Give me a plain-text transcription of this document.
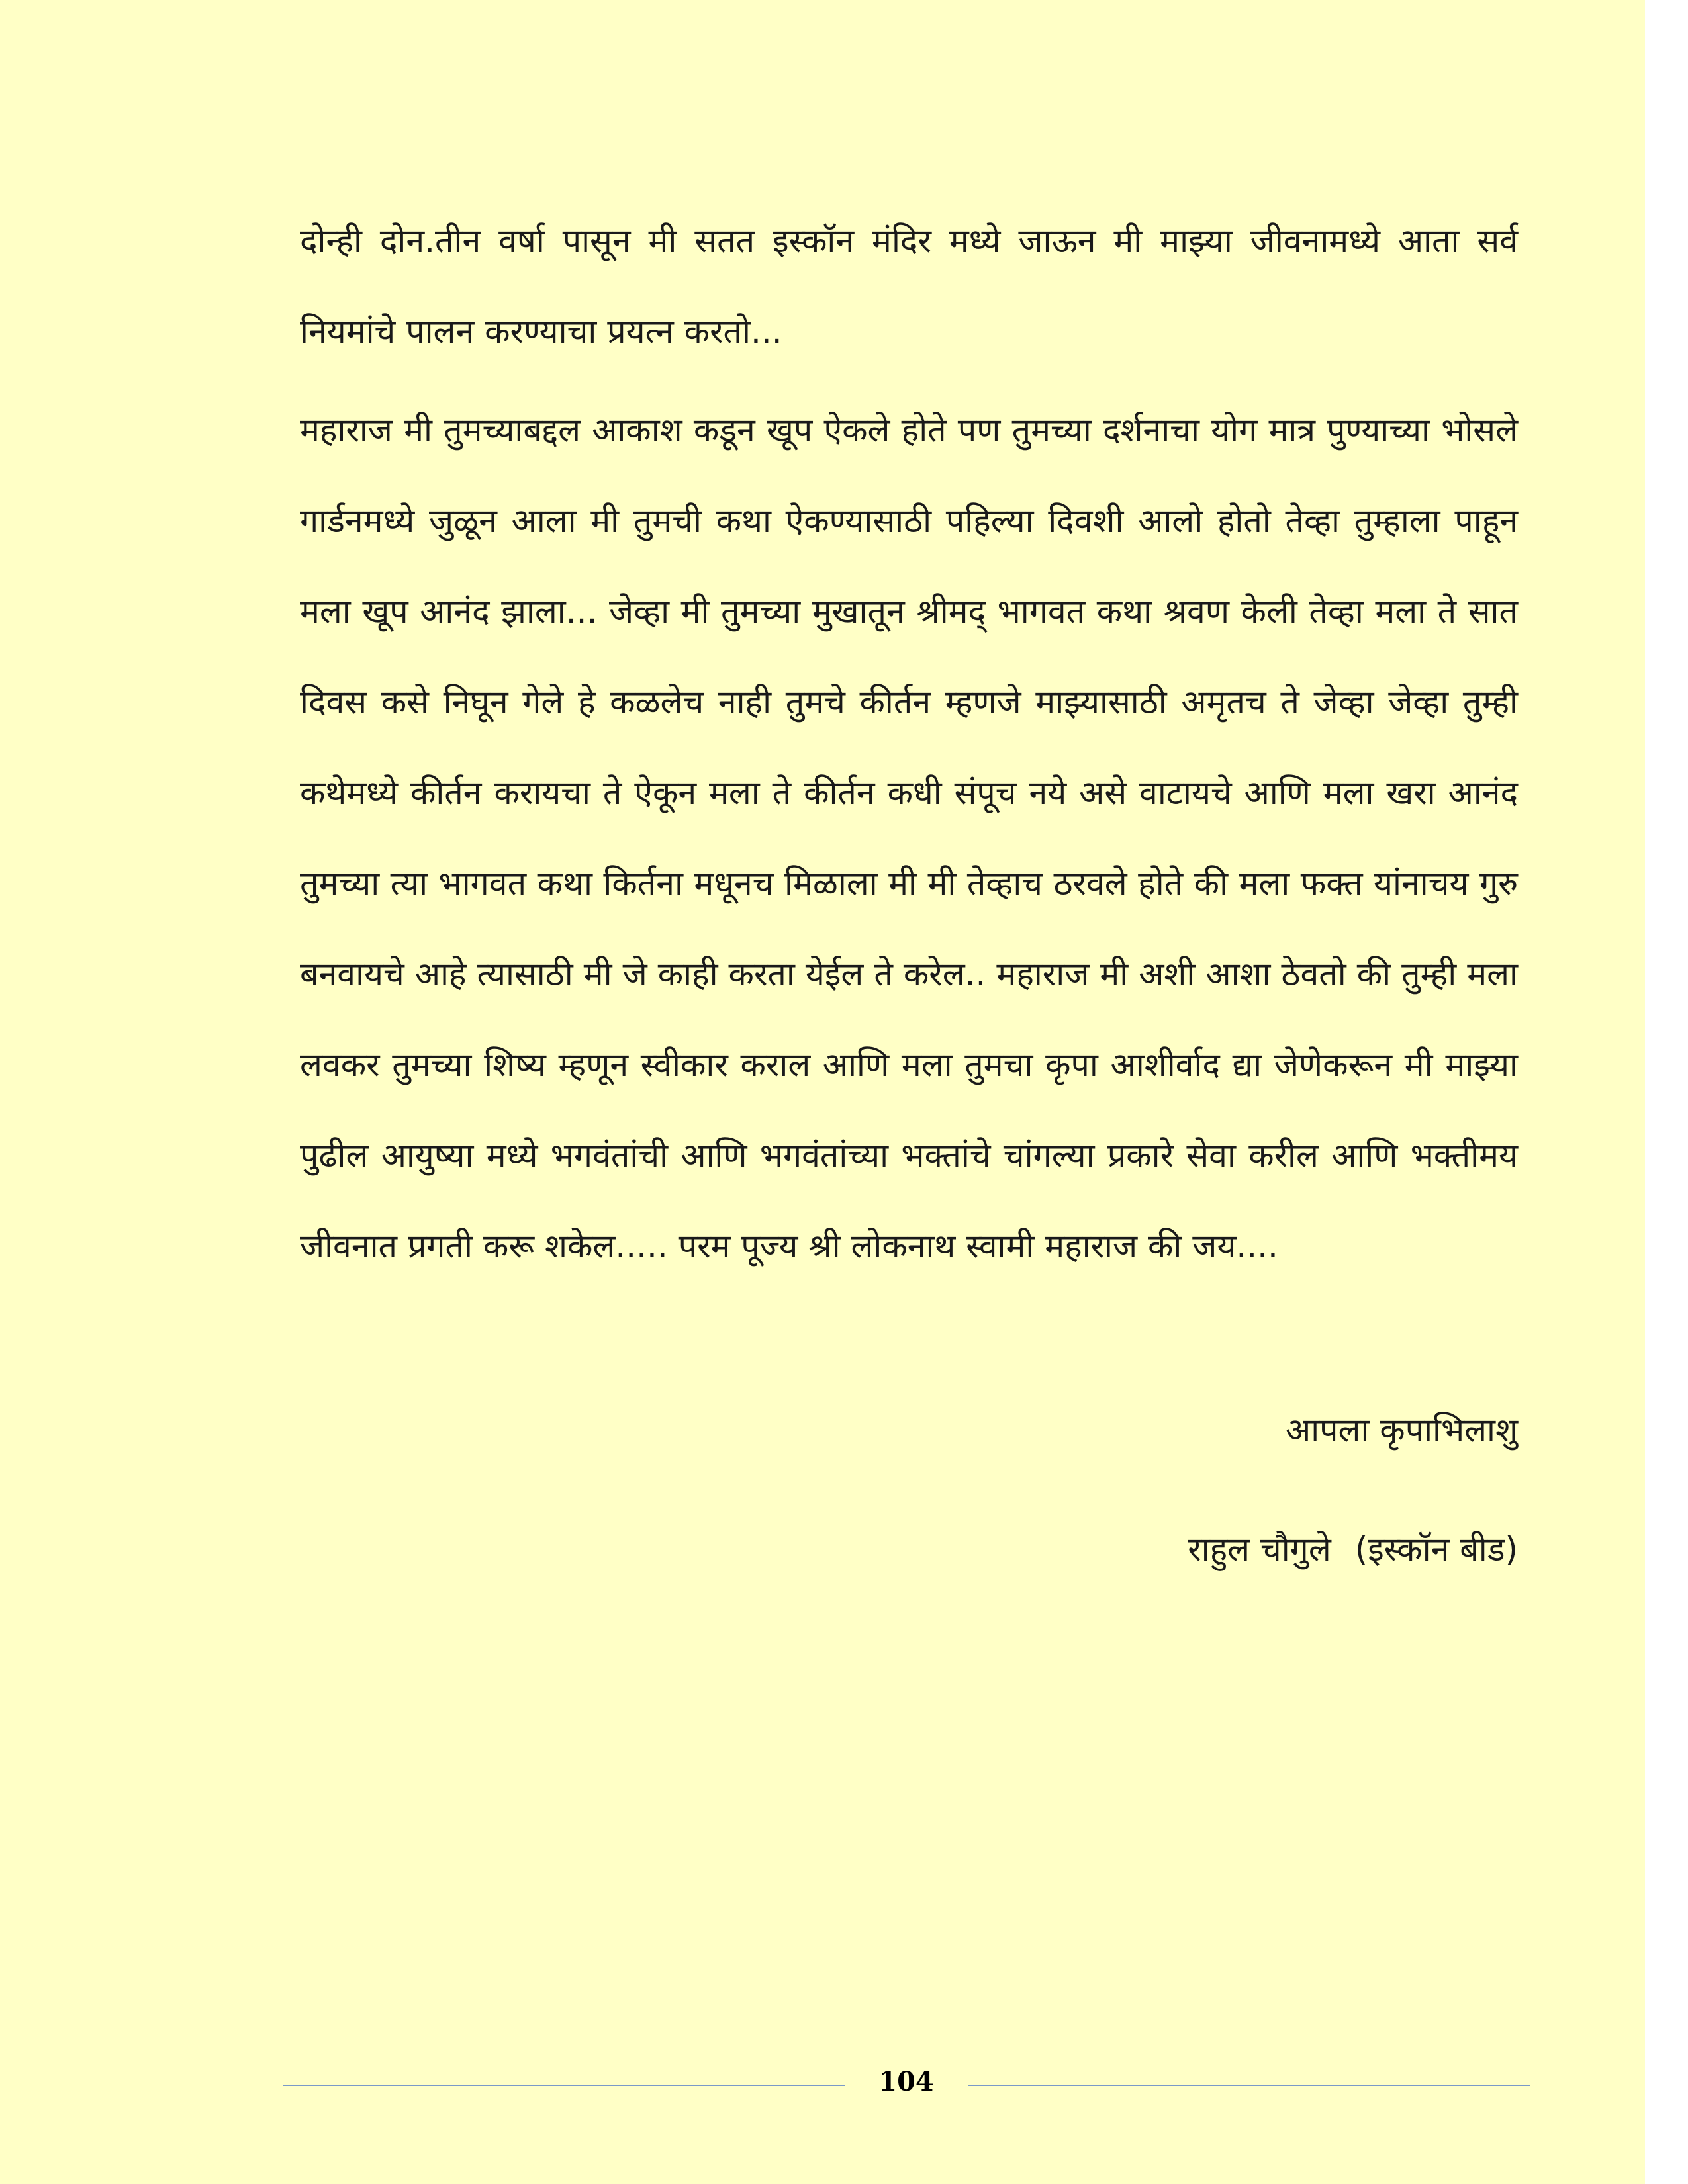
दोन्ही दोन.तीन वर्षा पासून मी सतत इस्कॉन मंदिर मध्ये जाऊन मी माझ्या जीवनामध्ये आता सर्व नियमांचे पालन करण्याचा प्रयत्न करतो...

महाराज मी तुमच्याबद्दल आकाश कडून खूप ऐकले होते पण तुमच्या दर्शनाचा योग मात्र पुण्याच्या भोसले गार्डनमध्ये जुळून आला मी तुमची कथा ऐकण्यासाठी पहिल्या दिवशी आलो होतो तेव्हा तुम्हाला पाहून मला खूप आनंद झाला... जेव्हा मी तुमच्या मुखातून श्रीमद् भागवत कथा श्रवण केली तेव्हा मला ते सात दिवस कसे निघून गेले हे कळलेच नाही तुमचे कीर्तन म्हणजे माझ्यासाठी अमृतच ते जेव्हा जेव्हा तुम्ही कथेमध्ये कीर्तन करायचा ते ऐकून मला ते कीर्तन कधी संपूच नये असे वाटायचे आणि मला खरा आनंद तुमच्या त्या भागवत कथा किर्तना मधूनच मिळाला मी मी तेव्हाच ठरवले होते की मला फक्त यांनाचय गुरु बनवायचे आहे त्यासाठी मी जे काही करता येईल ते करेल.. महाराज मी अशी आशा ठेवतो की तुम्ही मला लवकर तुमच्या शिष्य म्हणून स्वीकार कराल आणि मला तुमचा कृपा आशीर्वाद द्या जेणेकरून मी माझ्या पुढील आयुष्या मध्ये भगवंतांची आणि भगवंतांच्या भक्तांचे चांगल्या प्रकारे सेवा करील आणि भक्तीमय जीवनात प्रगती करू शकेल..... परम पूज्य श्री लोकनाथ स्वामी महाराज की जय....

आपला कृपाभिलाशु
राहुल चौगुले (इस्कॉन बीड)
104
